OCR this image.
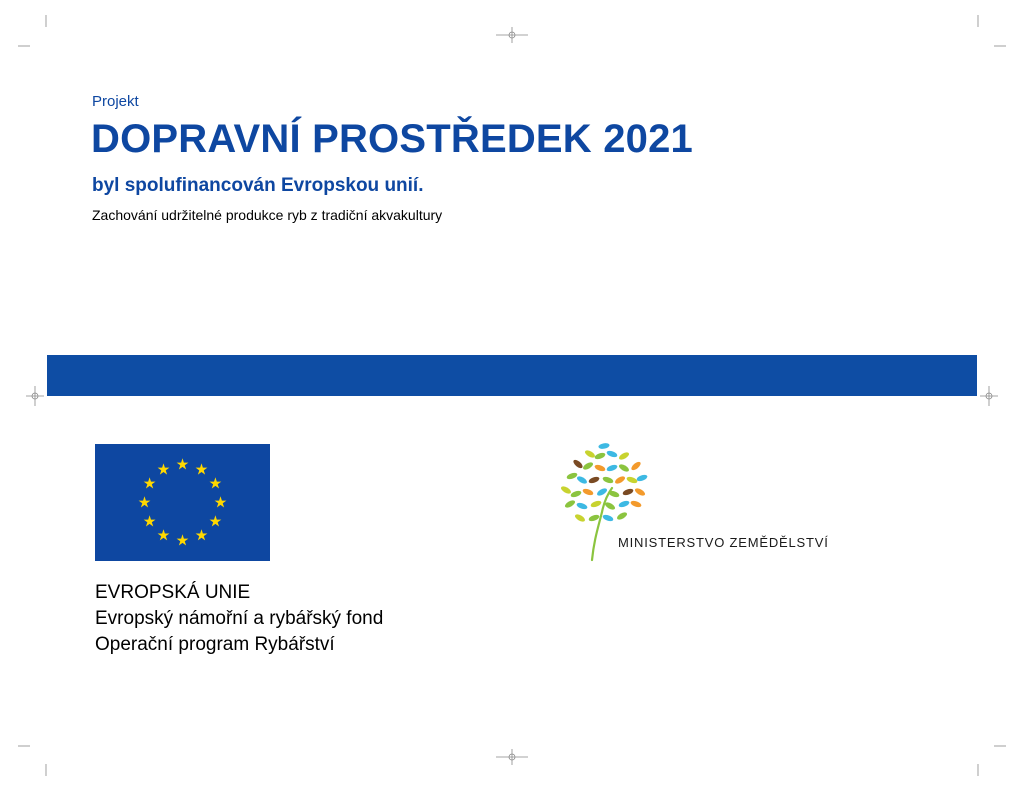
Projekt
DOPRAVNÍ PROSTŘEDEK 2021
byl spolufinancován Evropskou unií.
Zachování udržitelné produkce ryb z tradiční akvakultury
EVROPSKÁ UNIE
Evropský námořní a rybářský fond
Operační program Rybářství
MINISTERSTVO ZEMĚDĚLSTVÍ
